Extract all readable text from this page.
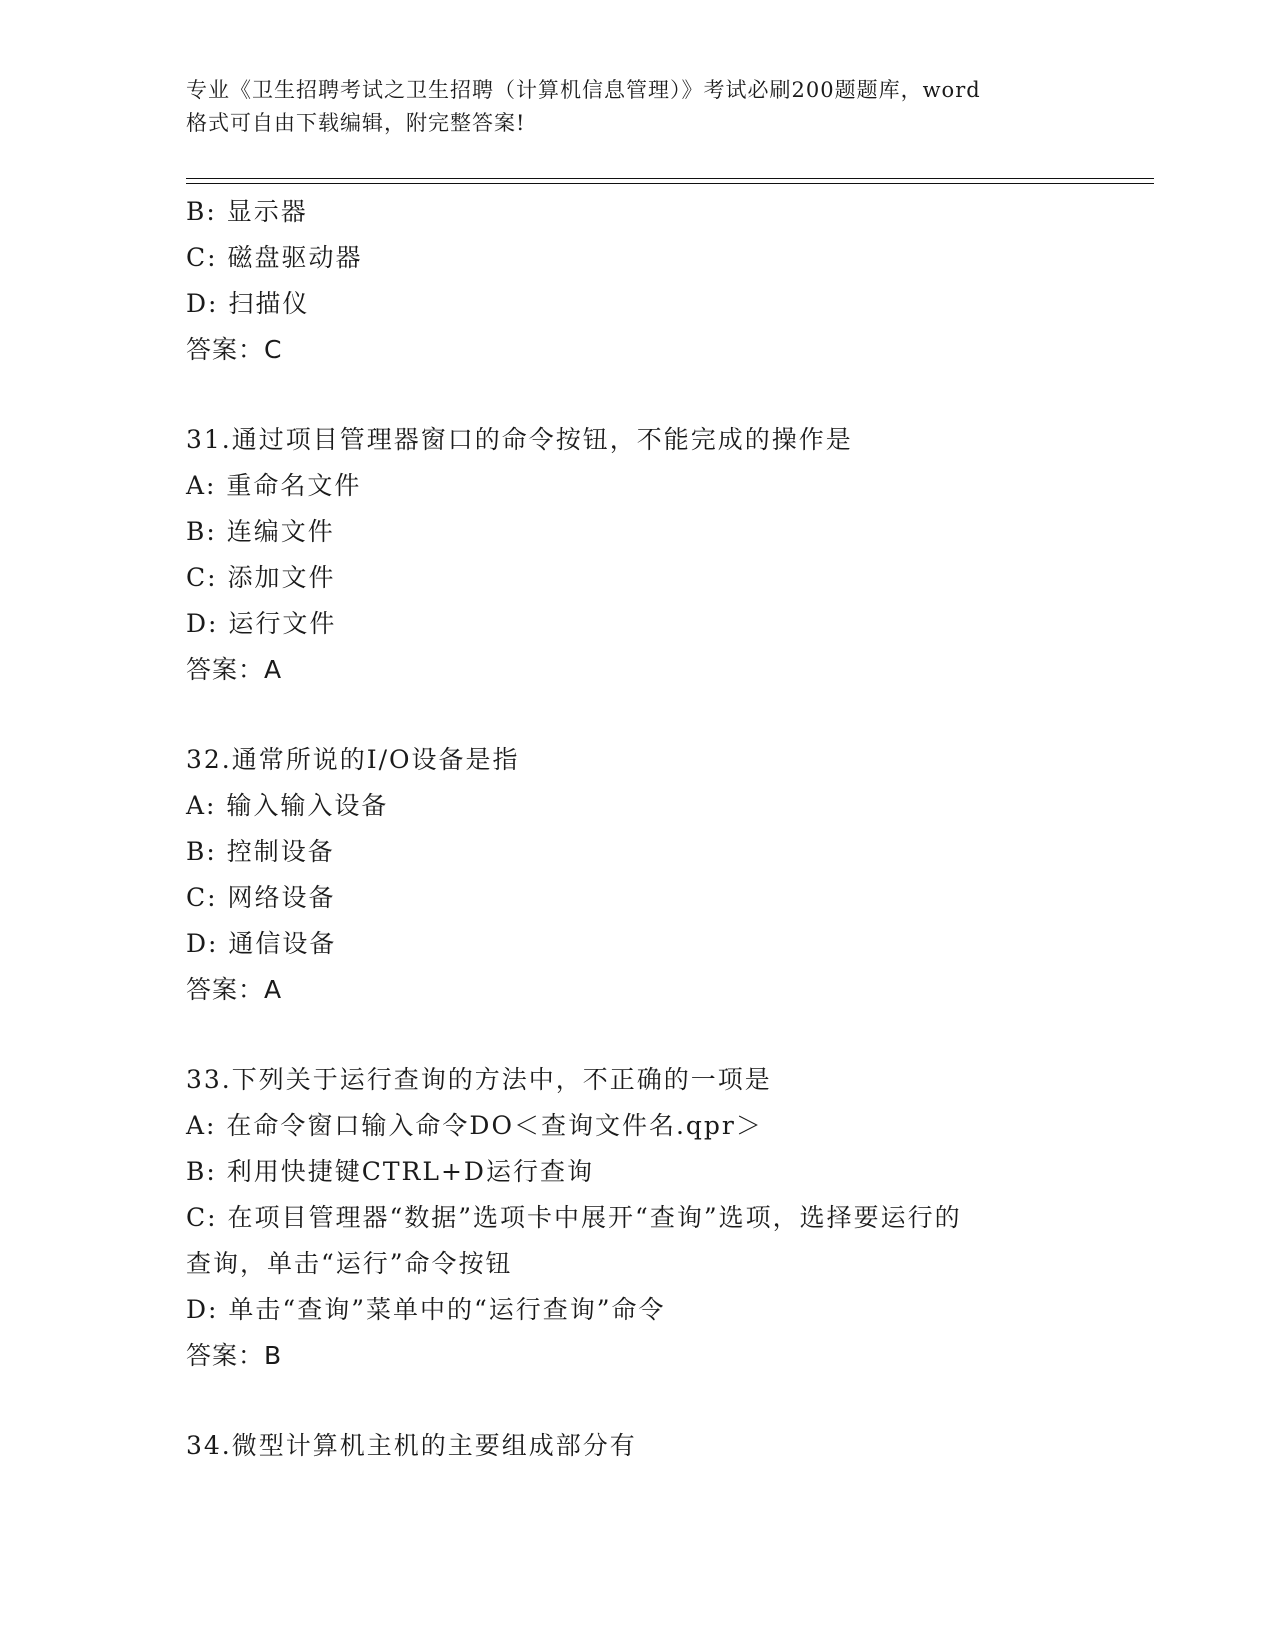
专业《卫生招聘考试之卫生招聘（计算机信息管理）》考试必刷200题题库，word
格式可自由下载编辑，附完整答案!
B: 显示器
C: 磁盘驱动器
D: 扫描仪
答案：C
31.通过项目管理器窗口的命令按钮，不能完成的操作是
A: 重命名文件
B: 连编文件
C: 添加文件
D: 运行文件
答案：A
32.通常所说的I/O设备是指
A: 输入输入设备
B: 控制设备
C: 网络设备
D: 通信设备
答案：A
33.下列关于运行查询的方法中，不正确的一项是
A: 在命令窗口输入命令DO＜查询文件名.qpr＞
B: 利用快捷键CTRL+D运行查询
C: 在项目管理器“数据”选项卡中展开“查询”选项，选择要运行的
查询，单击“运行”命令按钮
D: 单击“查询”菜单中的“运行查询”命令
答案：B
34.微型计算机主机的主要组成部分有
